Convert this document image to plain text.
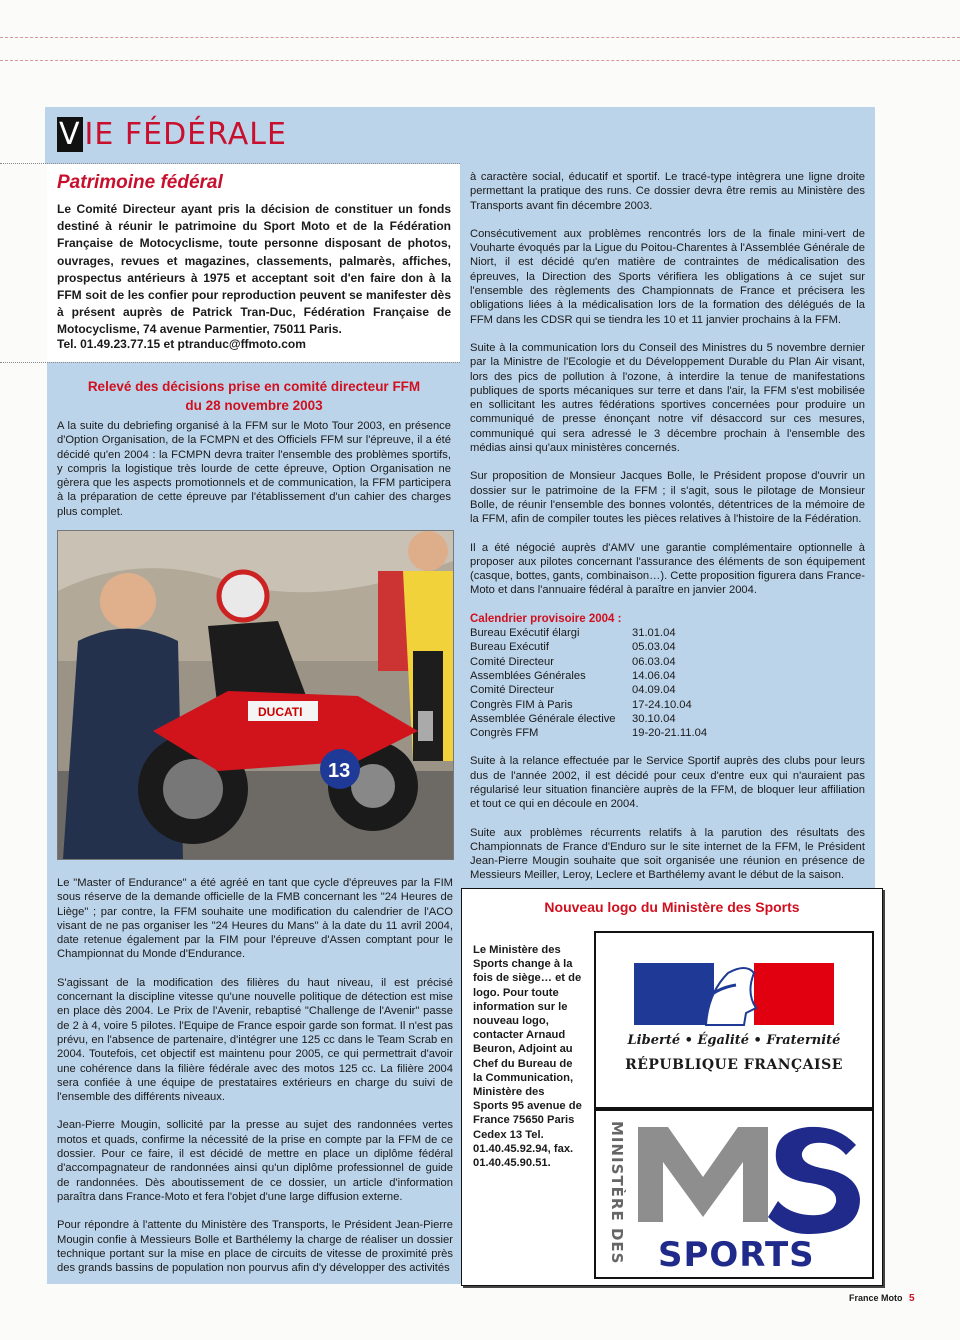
V IE FÉDÉRALE
Patrimoine fédéral
Le Comité Directeur ayant pris la décision de constituer un fonds destiné à réunir le patrimoine du Sport Moto et de la Fédération Française de Motocyclisme, toute personne disposant de photos, ouvrages, revues et magazines, classements, palmarès, affiches, prospectus antérieurs à 1975 et acceptant soit d'en faire don à la FFM soit de les confier pour reproduction peuvent se manifester dès à présent auprès de Patrick Tran-Duc, Fédération Française de Motocyclisme, 74 avenue Parmentier, 75011 Paris.
Tel. 01.49.23.77.15 et ptranduc@ffmoto.com
Relevé des décisions prise en comité directeur FFM
du 28 novembre 2003

A la suite du debriefing organisé à la FFM sur le Moto Tour 2003, en présence d'Option Organisation, de la FCMPN et des Officiels FFM sur l'épreuve, il a été décidé qu'en 2004 : la FCMPN devra traiter l'ensemble des problèmes sportifs, y compris la logistique très lourde de cette épreuve, Option Organisation ne gèrera que les aspects promotionnels et de communication, la FFM participera à la préparation de cette épreuve par l'établissement d'un cahier des charges plus complet.

DUCATI
13

Le "Master of Endurance" a été agréé en tant que cycle d'épreuves par la FIM sous réserve de la demande officielle de la FMB concernant les "24 Heures de Liège" ; par contre, la FFM souhaite une modification du calendrier de l'ACO visant de ne pas organiser les "24 Heures du Mans" à la date du 11 avril 2004, date retenue également par la FIM pour l'épreuve d'Assen comptant pour le Championnat du Monde d'Endurance.

S'agissant de la modification des filières du haut niveau, il est précisé concernant la discipline vitesse qu'une nouvelle politique de détection est mise en place dès 2004. Le Prix de l'Avenir, rebaptisé "Challenge de l'Avenir" passe de 2 à 4, voire 5 pilotes. l'Equipe de France espoir garde son format. Il n'est pas prévu, en l'absence de partenaire, d'intégrer une 125 cc dans le Team Scrab en 2004. Toutefois, cet objectif est maintenu pour 2005, ce qui permettrait d'avoir une cohérence dans la filière fédérale avec des motos 125 cc. La filière 2004 sera confiée à une équipe de prestataires extérieurs en charge du suivi de l'ensemble des différents niveaux.

Jean-Pierre Mougin, sollicité par la presse au sujet des randonnées vertes motos et quads, confirme la nécessité de la prise en compte par la FFM de ce dossier. Pour ce faire, il est décidé de mettre en place un diplôme fédéral d'accompagnateur de randonnées ainsi qu'un diplôme professionnel de guide de randonnées. Dès aboutissement de ce dossier, un article d'information paraîtra dans France-Moto et fera l'objet d'une large diffusion externe.

Pour répondre à l'attente du Ministère des Transports, le Président Jean-Pierre Mougin confie à Messieurs Bolle et Barthélemy la charge de réaliser un dossier technique portant sur la mise en place de circuits de vitesse de proximité près des grands bassins de population non pourvus afin d'y développer des activités

à caractère social, éducatif et sportif. Le tracé-type intègrera une ligne droite permettant la pratique des runs. Ce dossier devra être remis au Ministère des Transports avant fin décembre 2003.

Consécutivement aux problèmes rencontrés lors de la finale mini-vert de Vouharte évoqués par la Ligue du Poitou-Charentes à l'Assemblée Générale de Niort, il est décidé qu'en matière de contraintes de médicalisation des épreuves, la Direction des Sports vérifiera les obligations à ce sujet sur l'ensemble des règlements des Championnats de France et précisera les obligations liées à la médicalisation lors de la formation des délégués de la FFM dans les CDSR qui se tiendra les 10 et 11 janvier prochains à la FFM.

Suite à la communication lors du Conseil des Ministres du 5 novembre dernier par la Ministre de l'Ecologie et du Développement Durable du Plan Air visant, lors des pics de pollution à l'ozone, à interdire la tenue de manifestations publiques de sports mécaniques sur terre et dans l'air, la FFM s'est mobilisée en sollicitant les autres fédérations sportives concernées pour produire un communiqué de presse énonçant notre vif désaccord sur ces mesures, communiqué qui sera adressé le 3 décembre prochain à l'ensemble des médias ainsi qu'aux ministères concernés.

Sur proposition de Monsieur Jacques Bolle, le Président propose d'ouvrir un dossier sur le patrimoine de la FFM ; il s'agit, sous le pilotage de Monsieur Bolle, de réunir l'ensemble des bonnes volontés, détentrices de la mémoire de la FFM, afin de compiler toutes les pièces relatives à l'histoire de la Fédération.

Il a été négocié auprès d'AMV une garantie complémentaire optionnelle à proposer aux pilotes concernant l'assurance des éléments de son équipement (casque, bottes, gants, combinaison…). Cette proposition figurera dans France-Moto et dans l'annuaire fédéral à paraître en janvier 2004.

Calendrier provisoire 2004 :
Bureau Exécutif élargi	31.01.04
Bureau Exécutif	05.03.04
Comité Directeur	06.03.04
Assemblées Générales	14.06.04
Comité Directeur	04.09.04
Congrès FIM à Paris	17-24.10.04
Assemblée Générale élective	30.10.04
Congrès FFM	19-20-21.11.04

Suite à la relance effectuée par le Service Sportif auprès des clubs pour leurs dus de l'année 2002, il est décidé pour ceux d'entre eux qui n'auraient pas régularisé leur situation financière auprès de la FFM, de bloquer leur affiliation et tout ce qui en découle en 2004.

Suite aux problèmes récurrents relatifs à la parution des résultats des Championnats de France d'Enduro sur le site internet de la FFM, le Président Jean-Pierre Mougin souhaite que soit organisée une réunion en présence de Messieurs Meiller, Leroy, Leclere et Barthélemy avant le début de la saison.

Nouveau logo du Ministère des Sports
Le Ministère des Sports change à la fois de siège… et de logo. Pour toute information sur le nouveau logo, contacter Arnaud Beuron, Adjoint au Chef du Bureau de la Communication, Ministère des Sports 95 avenue de France 75650 Paris Cedex 13 Tel. 01.40.45.92.94, fax. 01.40.45.90.51.
Liberté • Égalité • Fraternité
RÉPUBLIQUE FRANÇAISE
MINISTÈRE DES SPORTS
France Moto 5
